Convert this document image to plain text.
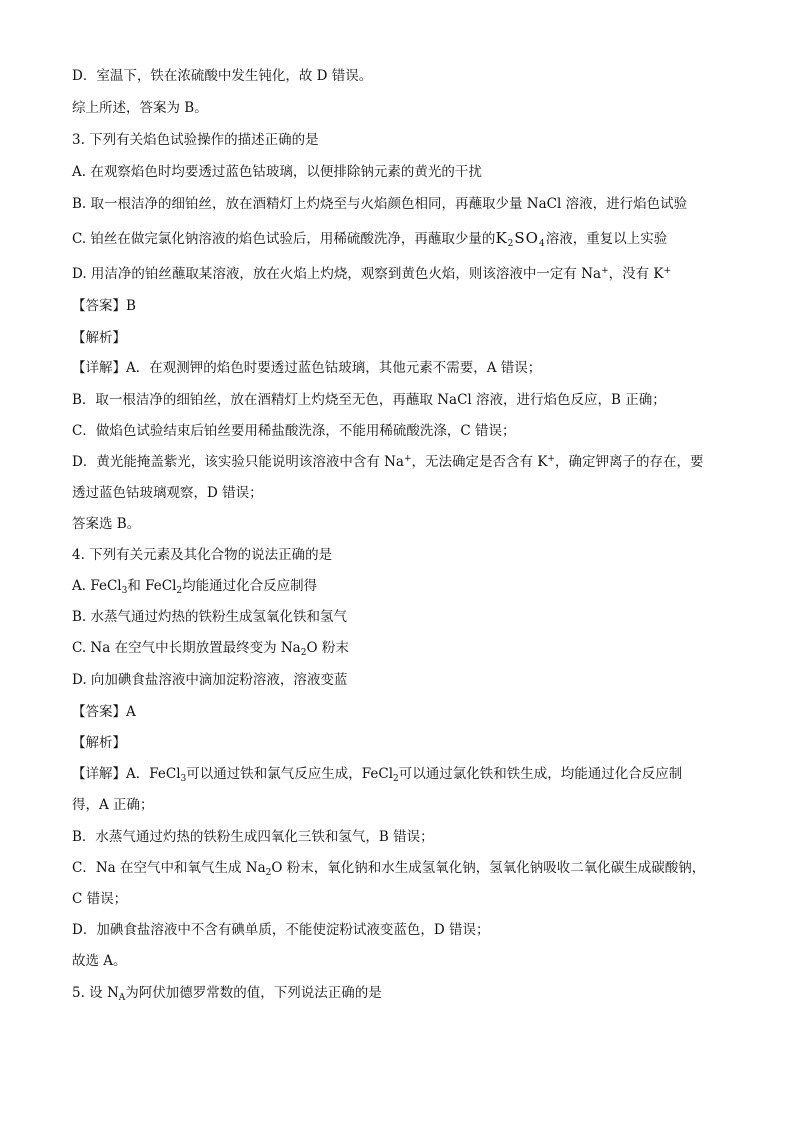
D．室温下，铁在浓硫酸中发生钝化，故 D 错误。
综上所述，答案为 B。
3. 下列有关焰色试验操作的描述正确的是
A. 在观察焰色时均要透过蓝色钴玻璃，以便排除钠元素的黄光的干扰
B. 取一根洁净的细铂丝，放在酒精灯上灼烧至与火焰颜色相同，再蘸取少量 NaCl 溶液，进行焰色试验
C. 铂丝在做完氯化钠溶液的焰色试验后，用稀硫酸洗净，再蘸取少量的$K_2SO_4$溶液，重复以上实验
D. 用洁净的铂丝蘸取某溶液，放在火焰上灼烧，观察到黄色火焰，则该溶液中一定有 Na+，没有 K+
【答案】B
【解析】
【详解】A．在观测钾的焰色时要透过蓝色钴玻璃，其他元素不需要，A 错误；
B．取一根洁净的细铂丝，放在酒精灯上灼烧至无色，再蘸取 NaCl 溶液，进行焰色反应，B 正确；
C．做焰色试验结束后铂丝要用稀盐酸洗涤，不能用稀硫酸洗涤，C 错误；
D．黄光能掩盖紫光，该实验只能说明该溶液中含有 Na+，无法确定是否含有 K+，确定钾离子的存在，要
透过蓝色钴玻璃观察，D 错误；
答案选 B。
4. 下列有关元素及其化合物的说法正确的是
A. FeCl$_3$和 FeCl$_2$均能通过化合反应制得
B. 水蒸气通过灼热的铁粉生成氢氧化铁和氢气
C. Na 在空气中长期放置最终变为 $Na_2O$ 粉末
D. 向加碘食盐溶液中滴加淀粉溶液，溶液变蓝
【答案】A
【解析】
【详解】A．FeCl$_3$可以通过铁和氯气反应生成，FeCl$_2$可以通过氯化铁和铁生成，均能通过化合反应制
得，A 正确；
B．水蒸气通过灼热的铁粉生成四氧化三铁和氢气，B 错误；
C．Na 在空气中和氧气生成 $Na_2O$ 粉末，氧化钠和水生成氢氧化钠，氢氧化钠吸收二氧化碳生成碳酸钠，
C 错误；
D．加碘食盐溶液中不含有碘单质，不能使淀粉试液变蓝色，D 错误；
故选 A。
5. 设 $N_A$为阿伏加德罗常数的值，下列说法正确的是
